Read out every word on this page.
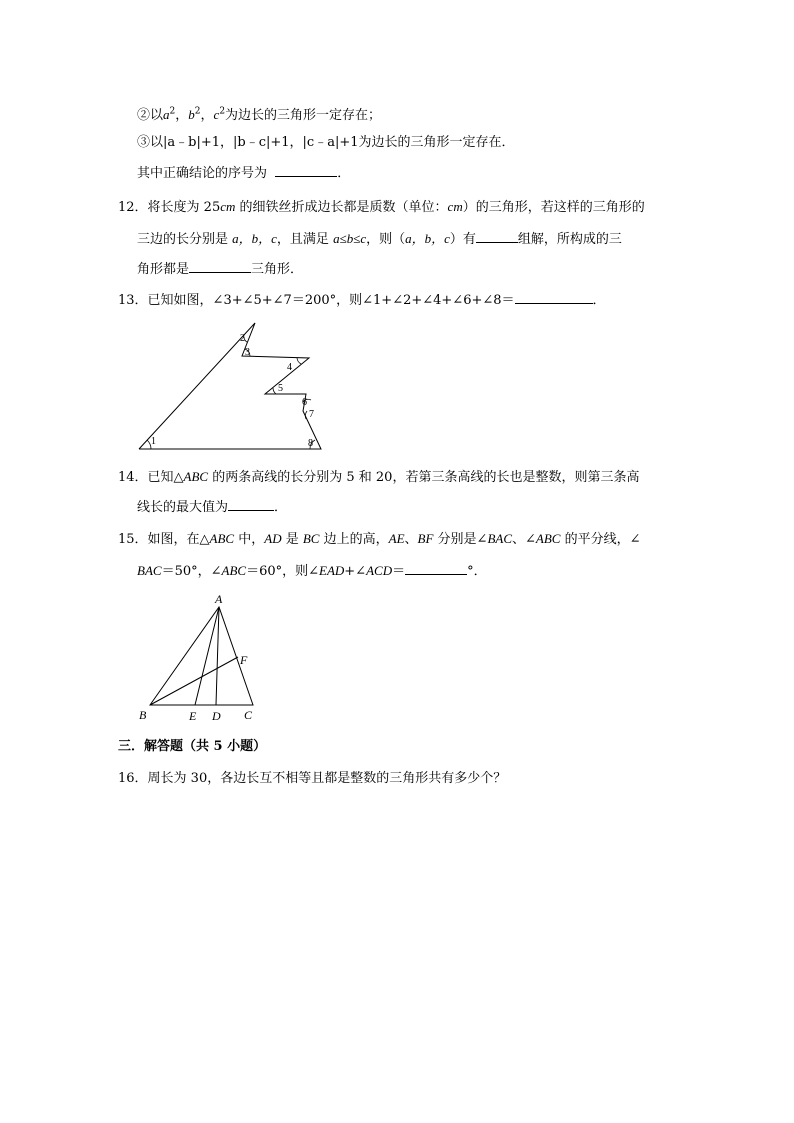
②以$a^2$，$b^2$，$c^2$为边长的三角形一定存在；
③以|a﹣b|+1，|b﹣c|+1，|c﹣a|+1为边长的三角形一定存在．
其中正确结论的序号为	．
12．将长度为 25cm 的细铁丝折成边长都是质数（单位：cm）的三角形，若这样的三角形的
三边的长分别是 a，b，c，且满足 a≤b≤c，则（a，b，c）有	组解，所构成的三
角形都是	三角形．
13．已知如图，∠3+∠5+∠7＝200°，则∠1+∠2+∠4+∠6+∠8＝	．
1
2
3
4
5
6
7
8
14．已知△ABC 的两条高线的长分别为 5 和 20，若第三条高线的长也是整数，则第三条高
线长的最大值为	．
15．如图，在△ABC 中，AD 是 BC 边上的高，AE、BF 分别是∠BAC、∠ABC 的平分线，∠
BAC＝50°，∠ABC＝60°，则∠EAD+∠ACD＝	°．
A
B	C
D
E
F
三．解答题（共 5 小题）
16．周长为 30，各边长互不相等且都是整数的三角形共有多少个？
